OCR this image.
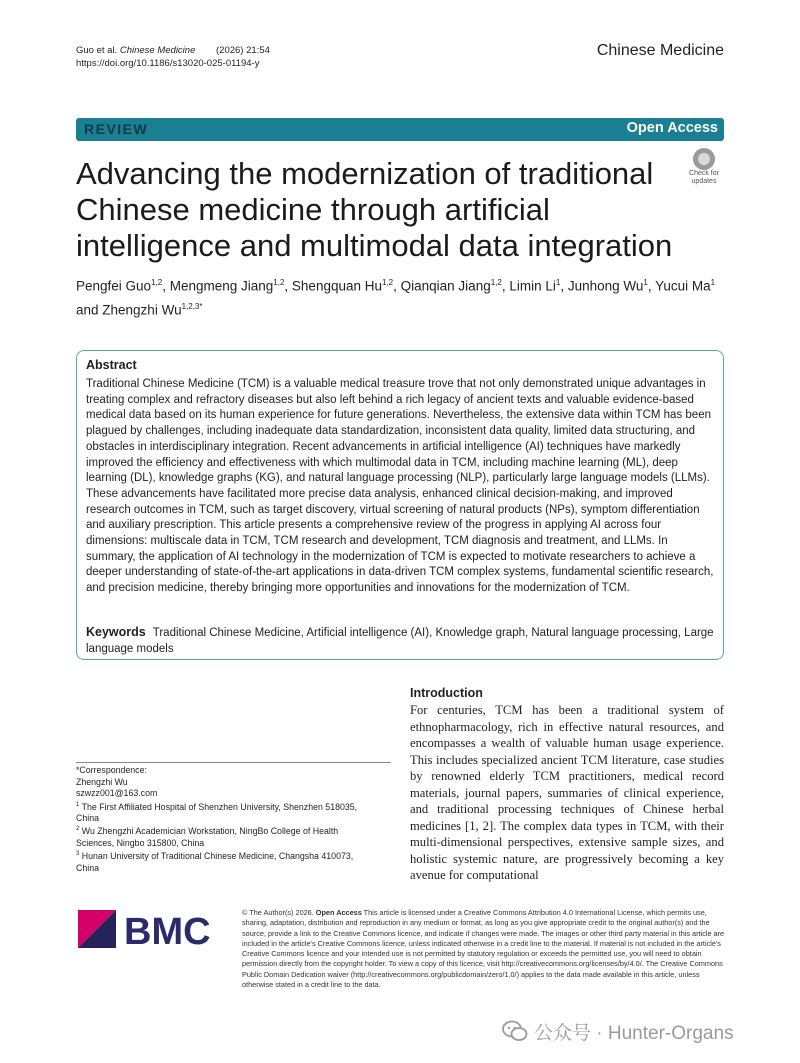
Guo et al. Chinese Medicine (2026) 21:54
https://doi.org/10.1186/s13020-025-01194-y
Chinese Medicine
REVIEW	Open Access
Advancing the modernization of traditional Chinese medicine through artificial intelligence and multimodal data integration
Check for updates
Pengfei Guo$^{1,2}$, Mengmeng Jiang$^{1,2}$, Shengquan Hu$^{1,2}$, Qianqian Jiang$^{1,2}$, Limin Li$^1$, Junhong Wu$^1$, Yucui Ma$^1$ and Zhengzhi $Wu^{1,2,3*}$
Abstract
Traditional Chinese Medicine (TCM) is a valuable medical treasure trove that not only demonstrated unique advantages in treating complex and refractory diseases but also left behind a rich legacy of ancient texts and valuable evidence-based medical data based on its human experience for future generations. Nevertheless, the extensive data within TCM has been plagued by challenges, including inadequate data standardization, inconsistent data quality, limited data structuring, and obstacles in interdisciplinary integration. Recent advancements in artificial intelligence (AI) techniques have markedly improved the efficiency and effectiveness with which multimodal data in TCM, including machine learning (ML), deep learning (DL), knowledge graphs (KG), and natural language processing (NLP), particularly large language models (LLMs). These advancements have facilitated more precise data analysis, enhanced clinical decision-making, and improved research outcomes in TCM, such as target discovery, virtual screening of natural products (NPs), symptom differentiation and auxiliary prescription. This article presents a comprehensive review of the progress in applying AI across four dimensions: multiscale data in TCM, TCM research and development, TCM diagnosis and treatment, and LLMs. In summary, the application of AI technology in the modernization of TCM is expected to motivate researchers to achieve a deeper understanding of state-of-the-art applications in data-driven TCM complex systems, fundamental scientific research, and precision medicine, thereby bringing more opportunities and innovations for the modernization of TCM.
Keywords Traditional Chinese Medicine, Artificial intelligence (AI), Knowledge graph, Natural language processing, Large language models
*Correspondence:
Zhengzhi Wu
szwzz001@163.com
$^1$ The First Affiliated Hospital of Shenzhen University, Shenzhen 518035, China
$^2$ Wu Zhengzhi Academician Workstation, NingBo College of Health Sciences, Ningbo 315800, China
$^3$ Hunan University of Traditional Chinese Medicine, Changsha 410073, China
Introduction
For centuries, TCM has been a traditional system of ethnopharmacology, rich in effective natural resources, and encompasses a wealth of valuable human usage experience. This includes specialized ancient TCM literature, case studies by renowned elderly TCM practitioners, medical record materials, journal papers, summaries of clinical experience, and traditional processing techniques of Chinese herbal medicines [1, 2]. The complex data types in TCM, with their multi-dimensional perspectives, extensive sample sizes, and holistic systemic nature, are progressively becoming a key avenue for computational
BMC	© The Author(s) 2026. Open Access This article is licensed under a Creative Commons Attribution 4.0 International License, which permits use, sharing, adaptation, distribution and reproduction in any medium or format, as long as you give appropriate credit to the original author(s) and the source, provide a link to the Creative Commons licence, and indicate if changes were made. The images or other third party material in this article are included in the article's Creative Commons licence, unless indicated otherwise in a credit line to the material. If material is not included in the article's Creative Commons licence and your intended use is not permitted by statutory regulation or exceeds the permitted use, you will need to obtain permission directly from the copyright holder. To view a copy of this licence, visit http://creativecommons.org/licenses/by/4.0/. The Creative Commons Public Domain Dedication waiver (http://creativecommons.org/publicdomain/zero/1.0/) applies to the data made available in this article, unless otherwise stated in a credit line to the data.
公众号 · Hunter-Organs
